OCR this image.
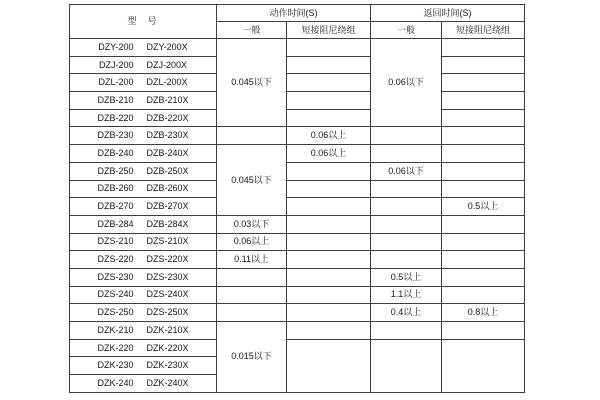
型  号	动作时间(S)		返回时间(S)	
	一般	短接阻尼绕组	一般	短接阻尼绕组

DZY-200 DZY-200X	0.045以下		0.06以下	

DZJ-200 DZJ-200X				

DZL-200 DZL-200X				

DZB-210 DZB-210X				

DZB-220 DZB-220X				

DZB-230 DZB-230X		0.06以上		

DZB-240 DZB-240X	0.045以下	0.06以上		

DZB-250 DZB-250X			0.06以下	

DZB-260 DZB-260X				

DZB-270 DZB-270X				0.5以上

DZB-284 DZB-284X	0.03以下			

DZS-210 DZS-210X	0.06以上			

DZS-220 DZS-220X	0.11以上			

DZS-230 DZS-230X			0.5以上	

DZS-240 DZS-240X			1.1以上	

DZS-250 DZS-250X			0.4以上	0.8以上

DZK-210 DZK-210X	0.015以下			

DZK-220 DZK-220X				

DZK-230 DZK-230X				

DZK-240 DZK-240X				
